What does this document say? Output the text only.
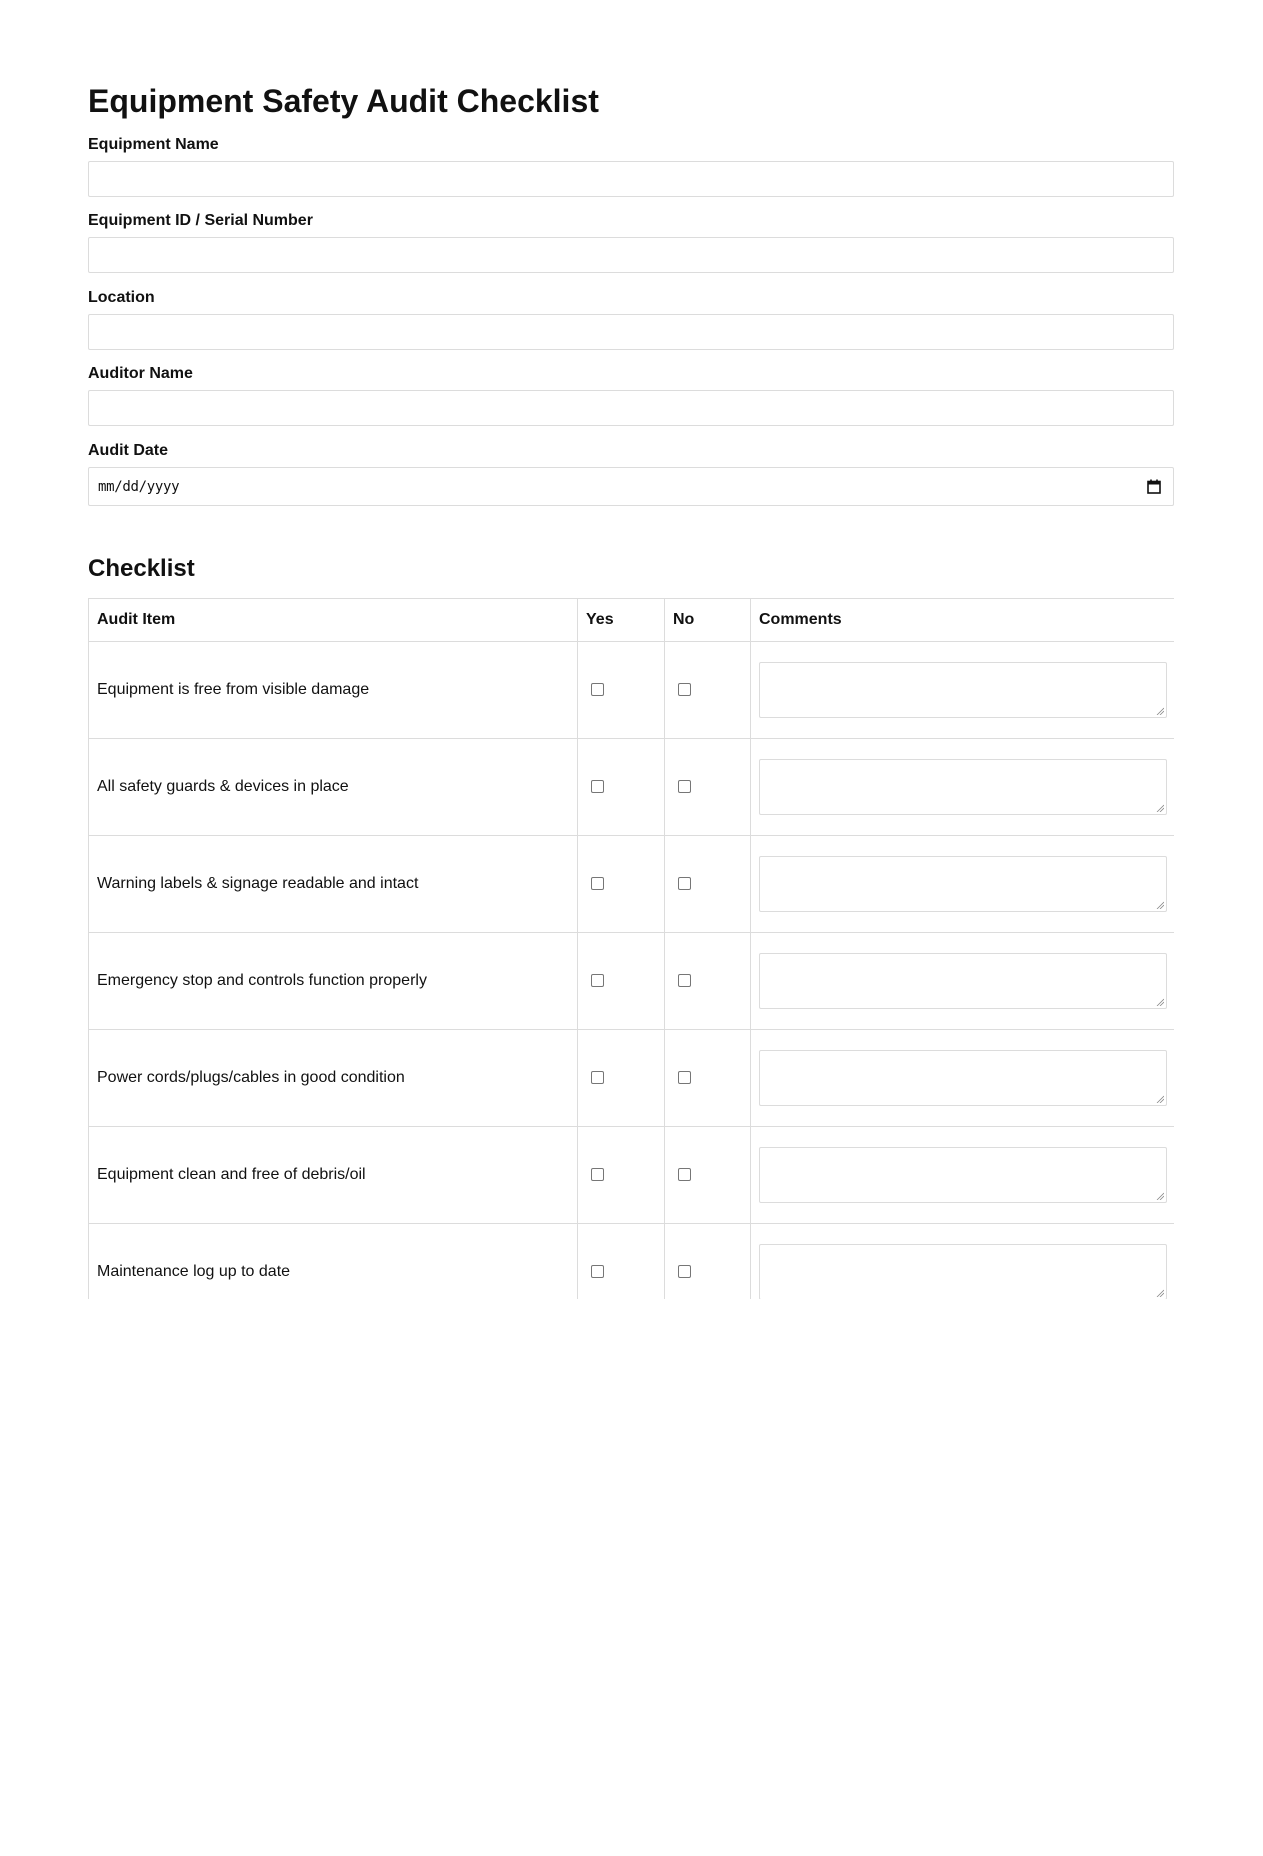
Equipment Safety Audit Checklist
Equipment Name
Equipment ID / Serial Number
Location
Auditor Name
Audit Date
mm/dd/yyyy
Checklist
Audit Item	Yes	No	Comments
Equipment is free from visible damage			

All safety guards & devices in place			

Warning labels & signage readable and intact			

Emergency stop and controls function properly			

Power cords/plugs/cables in good condition			

Equipment clean and free of debris/oil			

Maintenance log up to date			
